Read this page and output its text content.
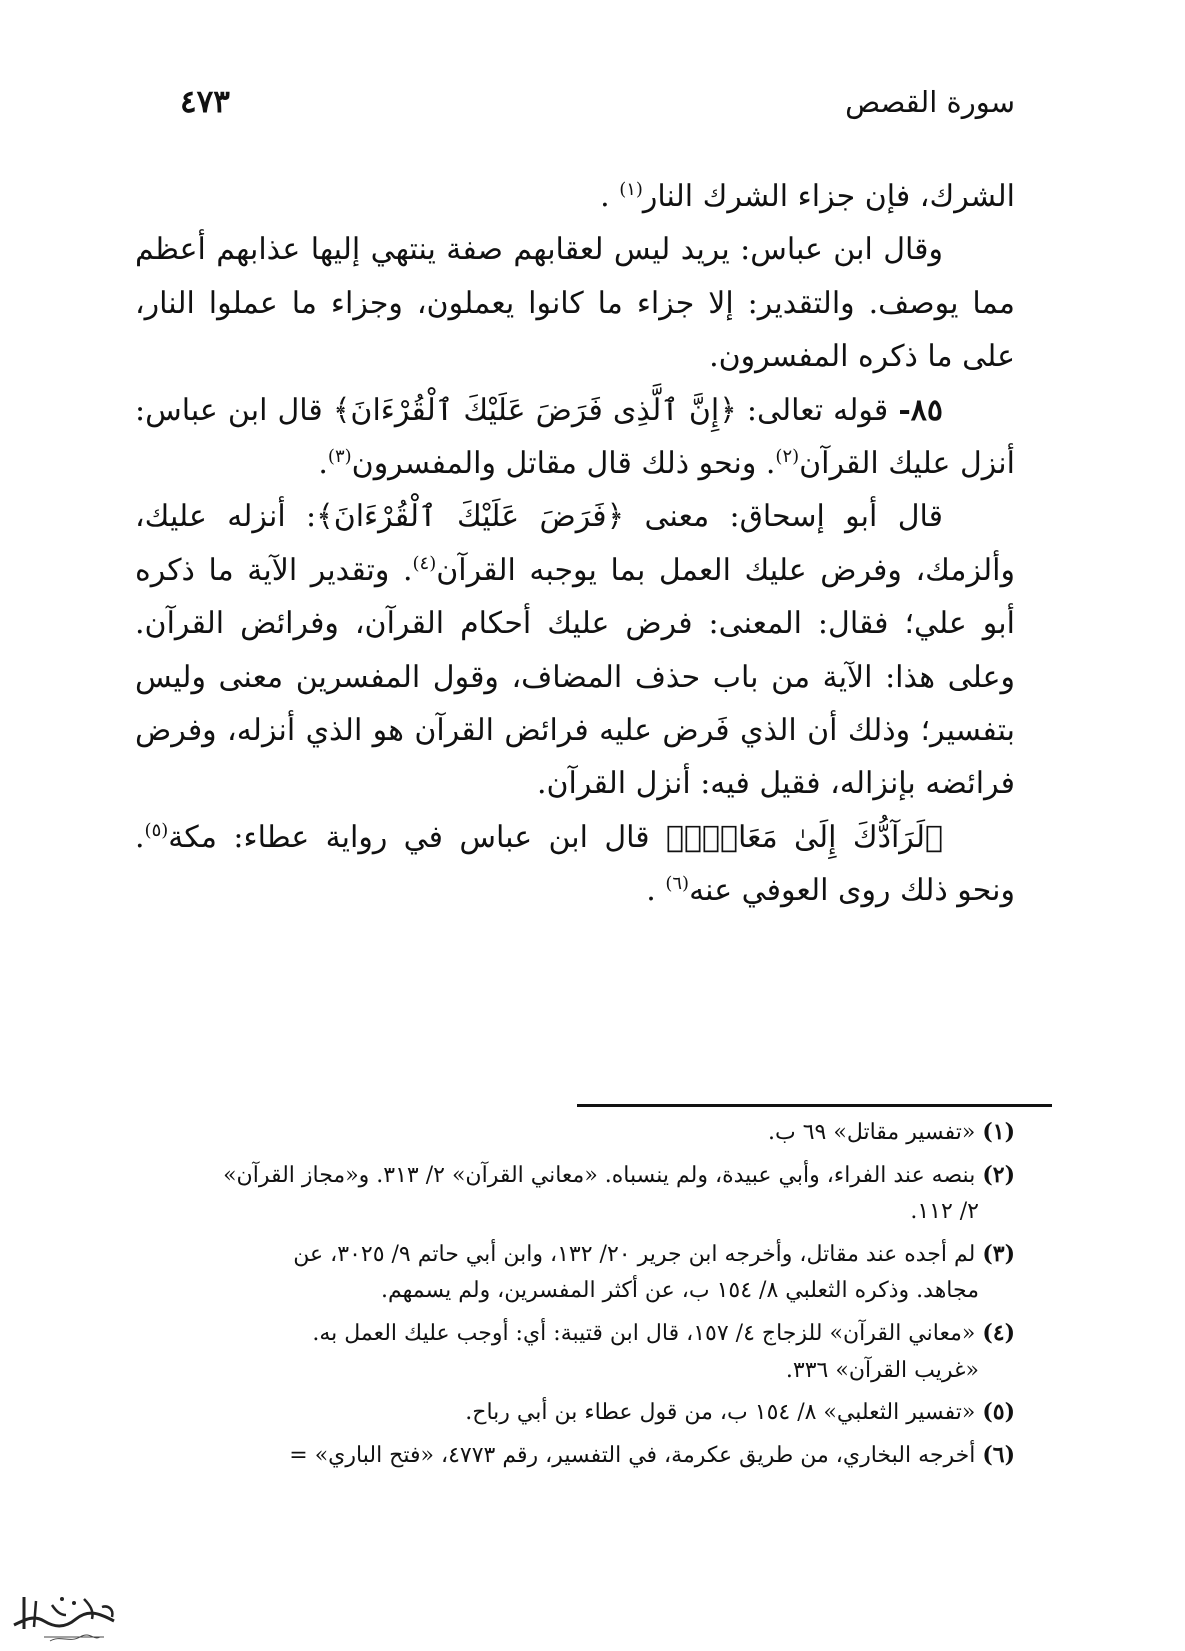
سورة القصص
٤٧٣

الشرك، فإن جزاء الشرك النار$^{(١)}$ .

وقال ابن عباس: يريد ليس لعقابهم صفة ينتهي إليها عذابهم أعظم مما يوصف. والتقدير: إلا جزاء ما كانوا يعملون، وجزاء ما عملوا النار، على ما ذكره المفسرون.

٨٥- قوله تعالى: ﴿إِنَّ ٱلَّذِى فَرَضَ عَلَيْكَ ٱلْقُرْءَانَ﴾ قال ابن عباس: أنزل عليك القرآن$^{(٢)}$. ونحو ذلك قال مقاتل والمفسرون$^{(٣)}$.

قال أبو إسحاق: معنى ﴿فَرَضَ عَلَيْكَ ٱلْقُرْءَانَ﴾: أنزله عليك، وألزمك، وفرض عليك العمل بما يوجبه القرآن$^{(٤)}$. وتقدير الآية ما ذكره أبو علي؛ فقال: المعنى: فرض عليك أحكام القرآن، وفرائض القرآن. وعلى هذا: الآية من باب حذف المضاف، وقول المفسرين معنى وليس بتفسير؛ وذلك أن الذي فَرض عليه فرائض القرآن هو الذي أنزله، وفرض فرائضه بإنزاله، فقيل فيه: أنزل القرآن.

﴿لَرَآدُّكَ إِلَىٰ مَعَادٍۚ﴾ قال ابن عباس في رواية عطاء: مكة$^{(٥)}$. ونحو ذلك روى العوفي عنه$^{(٦)}$ .

(١) «تفسير مقاتل» ٦٩ ب.

(٢) بنصه عند الفراء، وأبي عبيدة، ولم ينسباه. «معاني القرآن» ٢/ ٣١٣. و«مجاز القرآن»
٢/ ١١٢.

(٣) لم أجده عند مقاتل، وأخرجه ابن جرير ٢٠/ ١٣٢، وابن أبي حاتم ٩/ ٣٠٢٥، عن
مجاهد. وذكره الثعلبي ٨/ ١٥٤ ب، عن أكثر المفسرين، ولم يسمهم.

(٤) «معاني القرآن» للزجاج ٤/ ١٥٧، قال ابن قتيبة: أي: أوجب عليك العمل به.
«غريب القرآن» ٣٣٦.

(٥) «تفسير الثعلبي» ٨/ ١٥٤ ب، من قول عطاء بن أبي رباح.

(٦) أخرجه البخاري، من طريق عكرمة، في التفسير، رقم ٤٧٧٣، «فتح الباري» =
